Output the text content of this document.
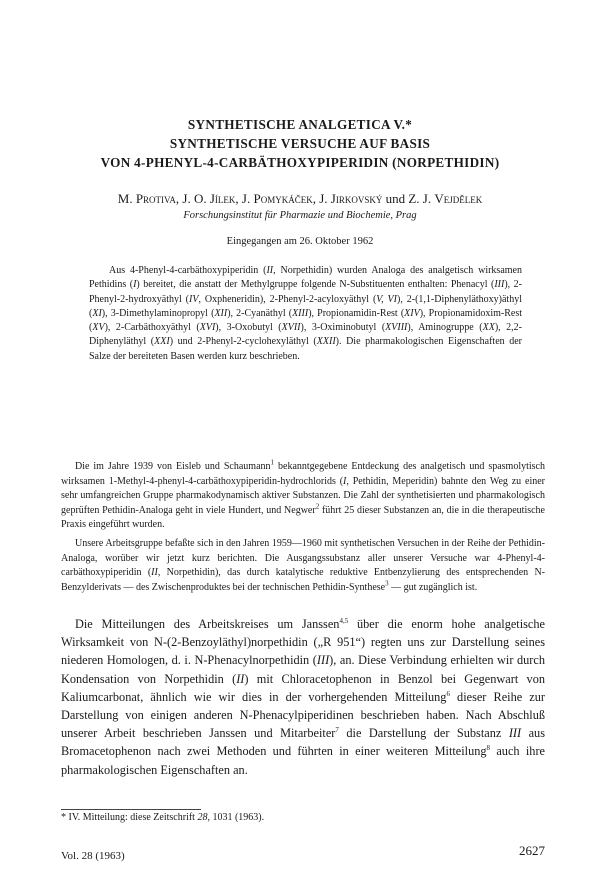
SYNTHETISCHE ANALGETICA V.*
SYNTHETISCHE VERSUCHE AUF BASIS
VON 4-PHENYL-4-CARBÄTHOXYPIPERIDIN (NORPETHIDIN)
M. Protiva, J. O. Jílek, J. Pomykáček, J. Jirkovský und Z. J. Vejdělek
Forschungsinstitut für Pharmazie und Biochemie, Prag
Eingegangen am 26. Oktober 1962

Aus 4-Phenyl-4-carbäthoxypiperidin (II, Norpethidin) wurden Analoga des analgetisch wirksamen Pethidins (I) bereitet, die anstatt der Methylgruppe folgende N-Substituenten enthalten: Phenacyl (III), 2-Phenyl-2-hydroxyäthyl (IV, Oxpheneridin), 2-Phenyl-2-acyloxyäthyl (V, VI), 2-(1,1-Diphenyläthoxy)äthyl (XI), 3-Dimethylaminopropyl (XII), 2-Cyanäthyl (XIII), Propionamidin-Rest (XIV), Propionamidoxim-Rest (XV), 2-Carbäthoxyäthyl (XVI), 3-Oxobutyl (XVII), 3-Oximinobutyl (XVIII), Aminogruppe (XX), 2,2-Diphenyläthyl (XXI) und 2-Phenyl-2-cyclohexyläthyl (XXII). Die pharmakologischen Eigenschaften der Salze der bereiteten Basen werden kurz beschrieben.

Die im Jahre 1939 von Eisleb und Schaumann$^1$ bekanntgegebene Entdeckung des analgetisch und spasmolytisch wirksamen 1-Methyl-4-phenyl-4-carbäthoxypiperidin-hydrochlorids (I, Pethidin, Meperidin) bahnte den Weg zu einer sehr umfangreichen Gruppe pharmakodynamisch aktiver Substanzen. Die Zahl der synthetisierten und pharmakologisch geprüften Pethidin-Analoga geht in viele Hundert, und Negwer$^2$ führt 25 dieser Substanzen an, die in die therapeutische Praxis eingeführt wurden.

Unsere Arbeitsgruppe befaßte sich in den Jahren 1959—1960 mit synthetischen Versuchen in der Reihe der Pethidin-Analoga, worüber wir jetzt kurz berichten. Die Ausgangssubstanz aller unserer Versuche war 4-Phenyl-4-carbäthoxypiperidin (II, Norpethidin), das durch katalytische reduktive Entbenzylierung des entsprechenden N-Benzylderivats — des Zwischenproduktes bei der technischen Pethidin-Synthese$^3$ — gut zugänglich ist.

Die Mitteilungen des Arbeitskreises um Janssen$^{4,5}$ über die enorm hohe analgetische Wirksamkeit von N-(2-Benzoyläthyl)norpethidin („R 951“) regten uns zur Darstellung seines niederen Homologen, d. i. N-Phenacylnorpethidin (III), an. Diese Verbindung erhielten wir durch Kondensation von Norpethidin (II) mit Chloracetophenon in Benzol bei Gegenwart von Kaliumcarbonat, ähnlich wie wir dies in der vorhergehenden Mitteilung$^6$ dieser Reihe zur Darstellung von einigen anderen N-Phenacylpiperidinen beschrieben haben. Nach Abschluß unserer Arbeit beschrieben Janssen und Mitarbeiter$^7$ die Darstellung der Substanz III aus Bromacetophenon nach zwei Methoden und führten in einer weiteren Mitteilung$^8$ auch ihre pharmakologischen Eigenschaften an.

* IV. Mitteilung: diese Zeitschrift 28, 1031 (1963).
Vol. 28 (1963)	2627
